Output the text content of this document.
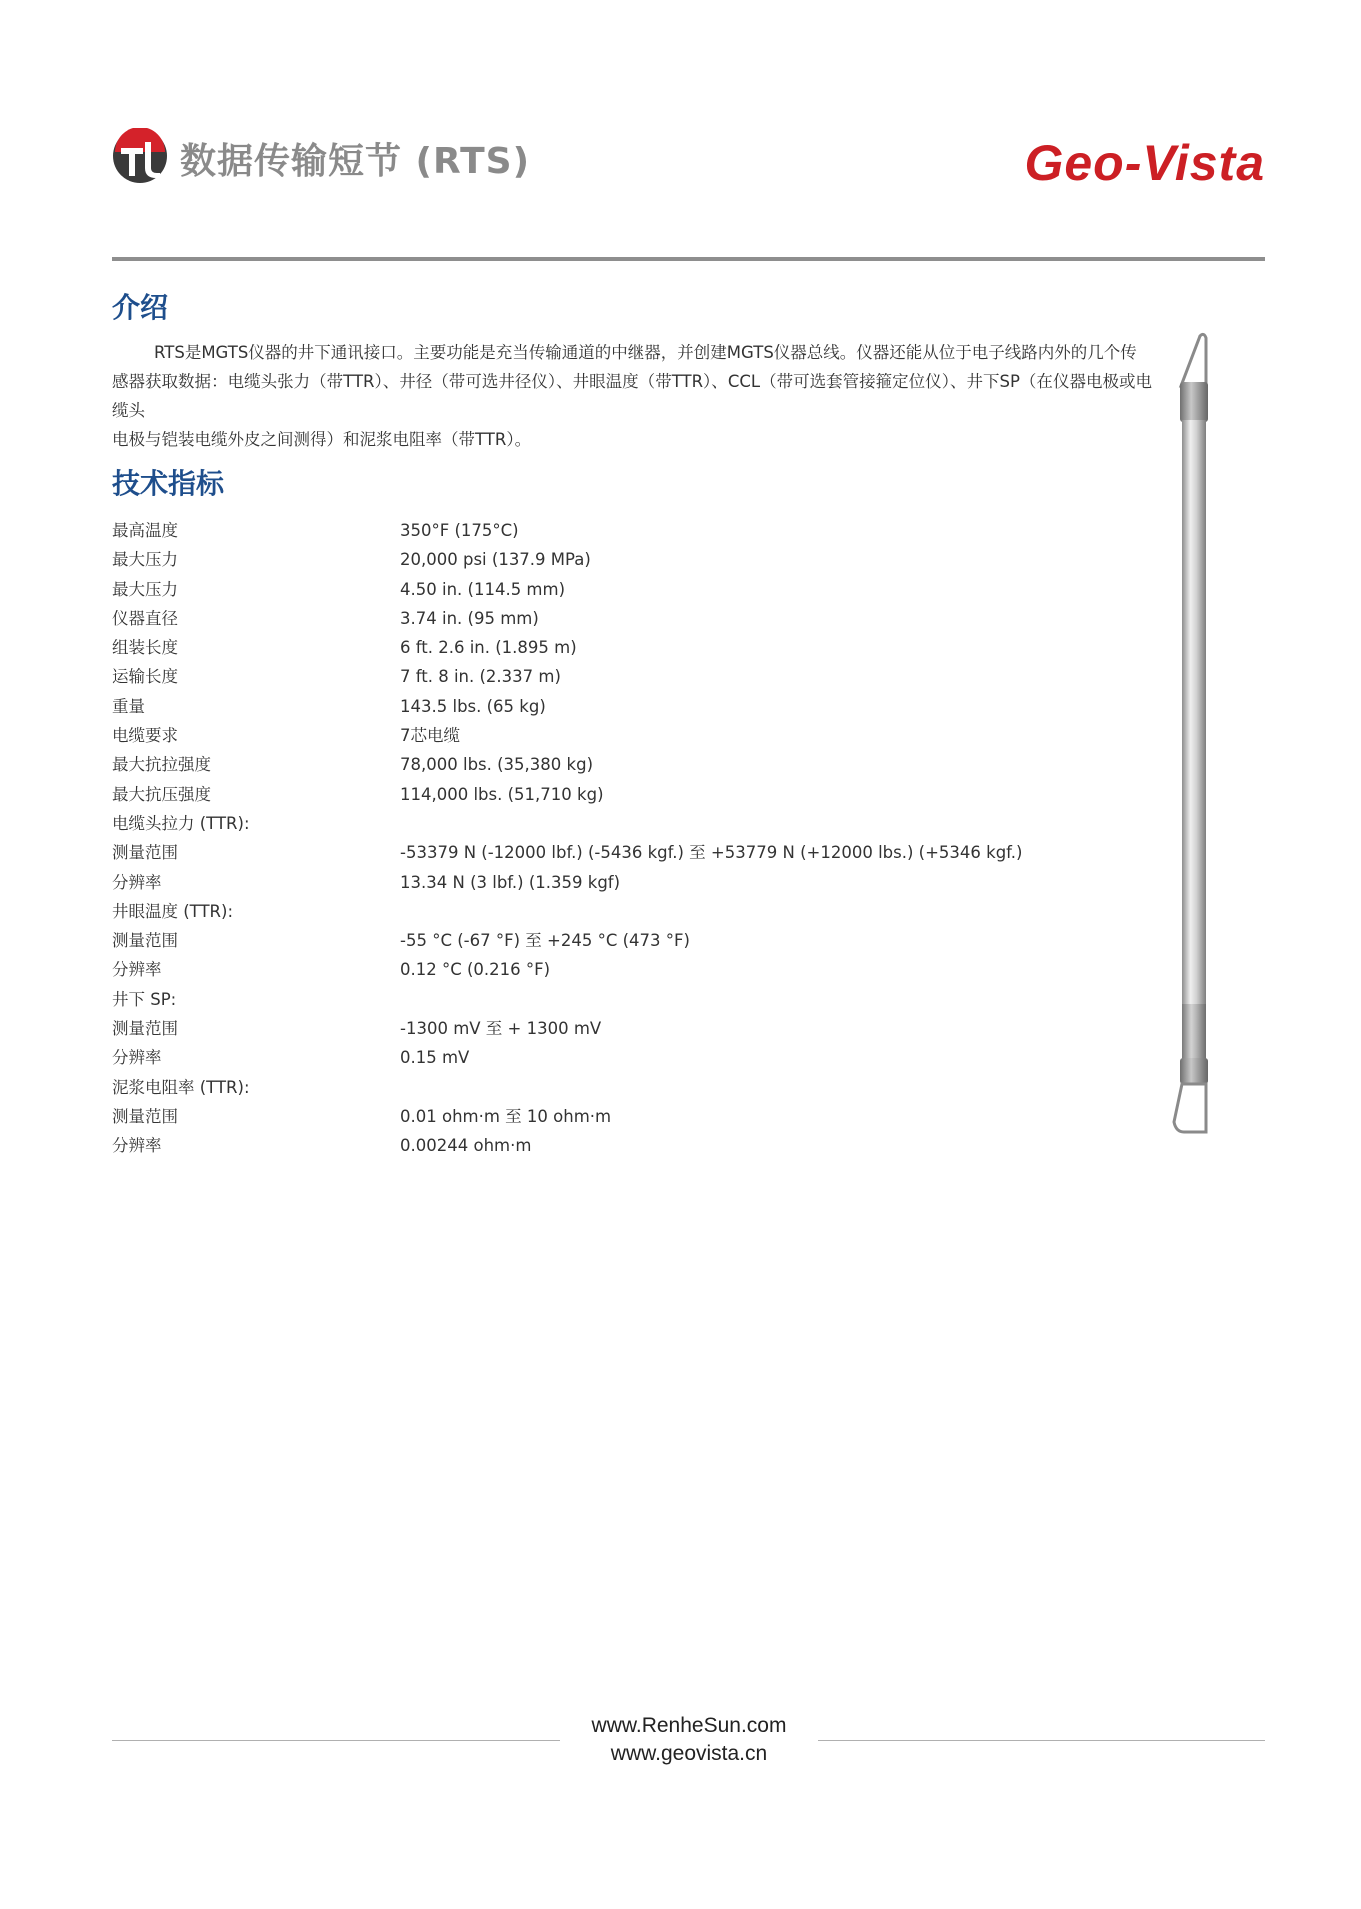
数据传输短节 (RTS)	Geo-Vista
介绍
RTS是MGTS仪器的井下通讯接口。主要功能是充当传输通道的中继器，并创建MGTS仪器总线。仪器还能从位于电子线路内外的几个传
感器获取数据：电缆头张力（带TTR）、井径（带可选井径仪）、井眼温度（带TTR）、CCL（带可选套管接箍定位仪）、井下SP（在仪器电极或电缆头
电极与铠装电缆外皮之间测得）和泥浆电阻率（带TTR）。
技术指标
最高温度	350°F (175°C)
最大压力	20,000 psi (137.9 MPa)
最大压力	4.50 in. (114.5 mm)
仪器直径	3.74 in. (95 mm)
组装长度	6 ft. 2.6 in. (1.895 m)
运输长度	7 ft. 8 in. (2.337 m)
重量	143.5 lbs. (65 kg)
电缆要求	7芯电缆
最大抗拉强度	78,000 lbs. (35,380 kg)
最大抗压强度	114,000 lbs. (51,710 kg)
电缆头拉力 (TTR):
测量范围	-53379 N (-12000 lbf.) (-5436 kgf.) 至 +53779 N (+12000 lbs.) (+5346 kgf.)
分辨率	13.34 N (3 lbf.) (1.359 kgf)
井眼温度 (TTR):
测量范围	-55 °C (-67 °F) 至 +245 °C (473 °F)
分辨率	0.12 °C (0.216 °F)
井下 SP:
测量范围	-1300 mV 至 + 1300 mV
分辨率	0.15 mV
泥浆电阻率 (TTR):
测量范围	0.01 ohm·m 至 10 ohm·m
分辨率	0.00244 ohm·m
www.RenheSun.com
www.geovista.cn
